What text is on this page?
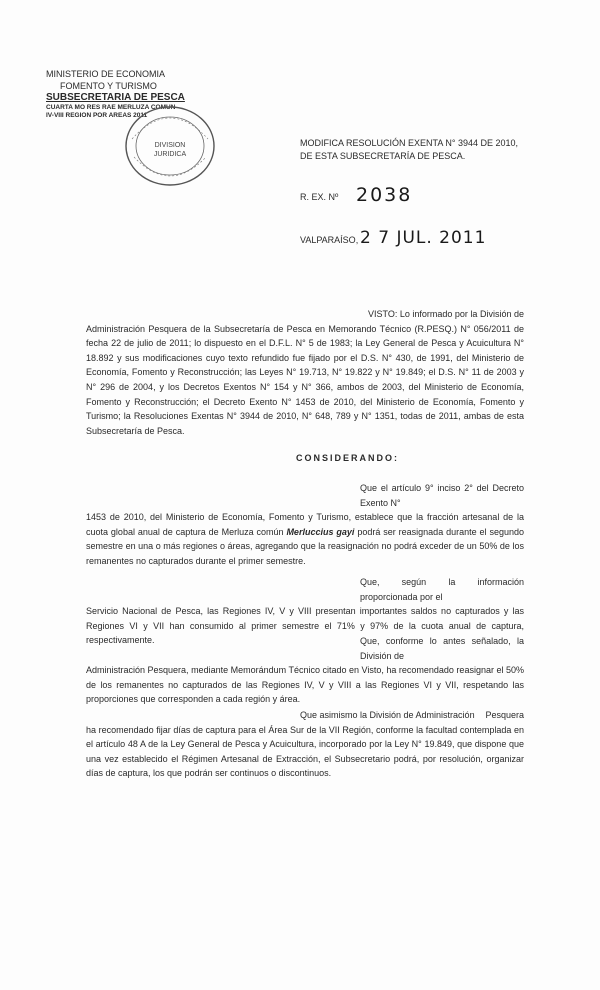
MINISTERIO DE ECONOMIA
FOMENTO Y TURISMO
SUBSECRETARIA DE PESCA
CUARTA MO RES RAE MERLUZA COMUN
IV-VIII REGION POR AREAS 2011
DIVISION
JURIDICA
MODIFICA RESOLUCIÓN EXENTA N° 3944 DE 2010,
DE ESTA SUBSECRETARÍA DE PESCA.
R. EX. Nº 2038
VALPARAÍSO, 2 7 JUL. 2011
VISTO: Lo informado por la División de Administración Pesquera de la Subsecretaría de Pesca en Memorando Técnico (R.PESQ.) N° 056/2011 de fecha 22 de julio de 2011; lo dispuesto en el D.F.L. N° 5 de 1983; la Ley General de Pesca y Acuicultura N° 18.892 y sus modificaciones cuyo texto refundido fue fijado por el D.S. N° 430, de 1991, del Ministerio de Economía, Fomento y Reconstrucción; las Leyes N° 19.713, N° 19.822 y N° 19.849; el D.S. N° 11 de 2003 y N° 296 de 2004, y los Decretos Exentos N° 154 y N° 366, ambos de 2003, del Ministerio de Economía, Fomento y Reconstrucción; el Decreto Exento N° 1453 de 2010, del Ministerio de Economía, Fomento y Turismo; la Resoluciones Exentas N° 3944 de 2010, N° 648, 789 y N° 1351, todas de 2011, ambas de esta Subsecretaría de Pesca.
CONSIDERANDO:
Que el artículo 9° inciso 2° del Decreto Exento N° 1453 de 2010, del Ministerio de Economía, Fomento y Turismo, establece que la fracción artesanal de la cuota global anual de captura de Merluza común Merluccius gayi podrá ser reasignada durante el segundo semestre en una o más regiones o áreas, agregando que la reasignación no podrá exceder de un 50% de los remanentes no capturados durante el primer semestre.
Que, según la información proporcionada por el Servicio Nacional de Pesca, las Regiones IV, V y VIII presentan importantes saldos no capturados y las Regiones VI y VII han consumido al primer semestre el 71% y 97% de la cuota anual de captura, respectivamente.	Que, conforme lo antes señalado, la División de Administración Pesquera, mediante Memorándum Técnico citado en Visto, ha recomendado reasignar el 50% de los remanentes no capturados de las Regiones IV, V y VIII a las Regiones VI y VII, respetando las proporciones que corresponden a cada región y área.
Que asimismo la División de Administración Pesquera ha recomendado fijar días de captura para el Área Sur de la VII Región, conforme la facultad contemplada en el artículo 48 A de la Ley General de Pesca y Acuicultura, incorporado por la Ley N° 19.849, que dispone que una vez establecido el Régimen Artesanal de Extracción, el Subsecretario podrá, por resolución, organizar días de captura, los que podrán ser continuos o discontinuos.
